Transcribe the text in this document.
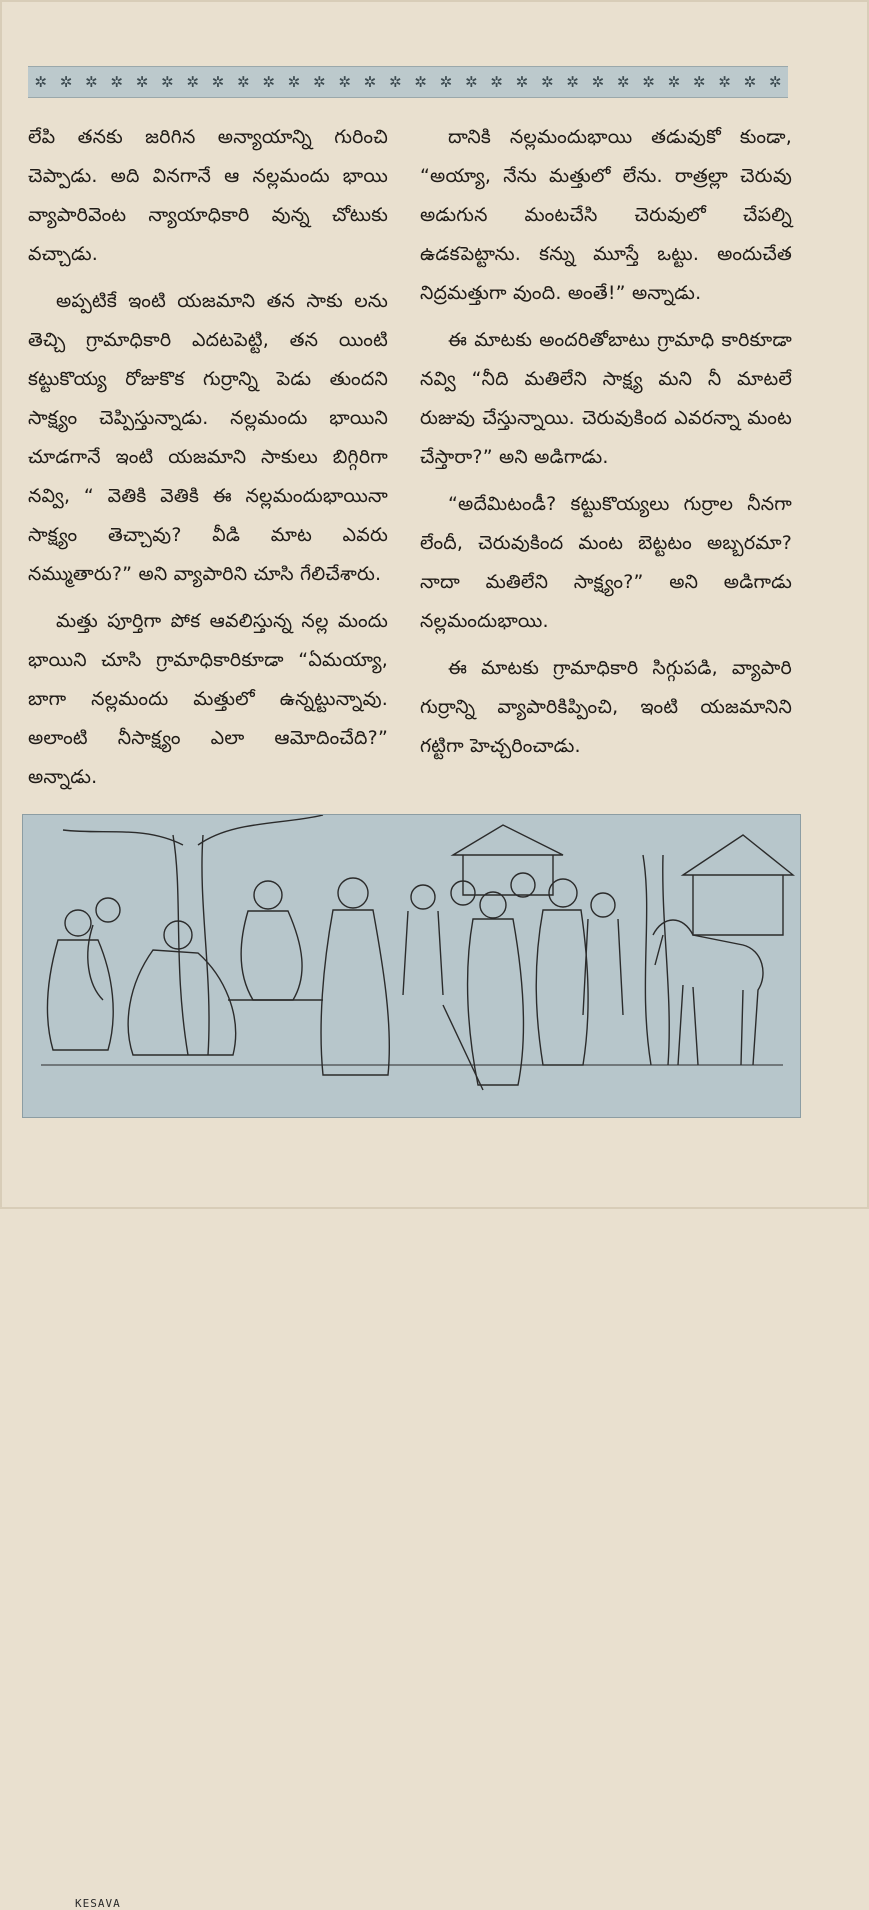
✲ ✲ ✲ ✲ ✲ ✲ ✲ ✲ ✲ ✲ ✲ ✲ ✲ ✲ ✲ ✲ ✲ ✲ ✲ ✲ ✲ ✲ ✲ ✲ ✲ ✲ ✲ ✲ ✲ ✲

లేపి తనకు జరిగిన అన్యాయాన్ని గురించి చెప్పాడు. అది వినగానే ఆ నల్లమందు భాయి వ్యాపారివెంట న్యాయాధికారి వున్న చోటుకు వచ్చాడు.

అప్పటికే ఇంటి యజమాని తన సాకు లను తెచ్చి గ్రామాధికారి ఎదటపెట్టి, తన యింటి కట్టుకొయ్య రోజుకొక గుర్రాన్ని పెడు తుందని సాక్ష్యం చెప్పిస్తున్నాడు. నల్లమందు భాయిని చూడగానే ఇంటి యజమాని సాకులు బిగ్గిరిగా నవ్వి, “ వెతికి వెతికి ఈ నల్లమందుభాయినా సాక్ష్యం తెచ్చావు? వీడి మాట ఎవరు నమ్ముతారు?” అని వ్యాపారిని చూసి గేలిచేశారు.

మత్తు పూర్తిగా పోక ఆవలిస్తున్న నల్ల మందు భాయిని చూసి గ్రామాధికారికూడా “ఏమయ్యా, బాగా నల్లమందు మత్తులో ఉన్నట్టున్నావు. అలాంటి నీసాక్ష్యం ఎలా ఆమోదించేది?” అన్నాడు.

దానికి నల్లమందుభాయి తడువుకో కుండా, “అయ్యా, నేను మత్తులో లేను. రాత్రల్లా చెరువు అడుగున మంటచేసి చెరువులో చేపల్ని ఉడకపెట్టాను. కన్ను మూస్తే ఒట్టు. అందుచేత నిద్రమత్తుగా వుంది. అంతే!” అన్నాడు.

ఈ మాటకు అందరితోబాటు గ్రామాధి కారికూడా నవ్వి “నీది మతిలేని సాక్ష్య మని నీ మాటలే రుజువు చేస్తున్నాయి. చెరువుకింద ఎవరన్నా మంట చేస్తారా?” అని అడిగాడు.

“అదేమిటండీ? కట్టుకొయ్యలు గుర్రాల నీనగా లేందీ, చెరువుకింద మంట బెట్టటం అబ్బరమా? నాదా మతిలేని సాక్ష్యం?” అని అడిగాడు నల్లమందుభాయి.

ఈ మాటకు గ్రామాధికారి సిగ్గుపడి, వ్యాపారి గుర్రాన్ని వ్యాపారికిప్పించి, ఇంటి యజమానిని గట్టిగా హెచ్చరించాడు.

KESAVA
